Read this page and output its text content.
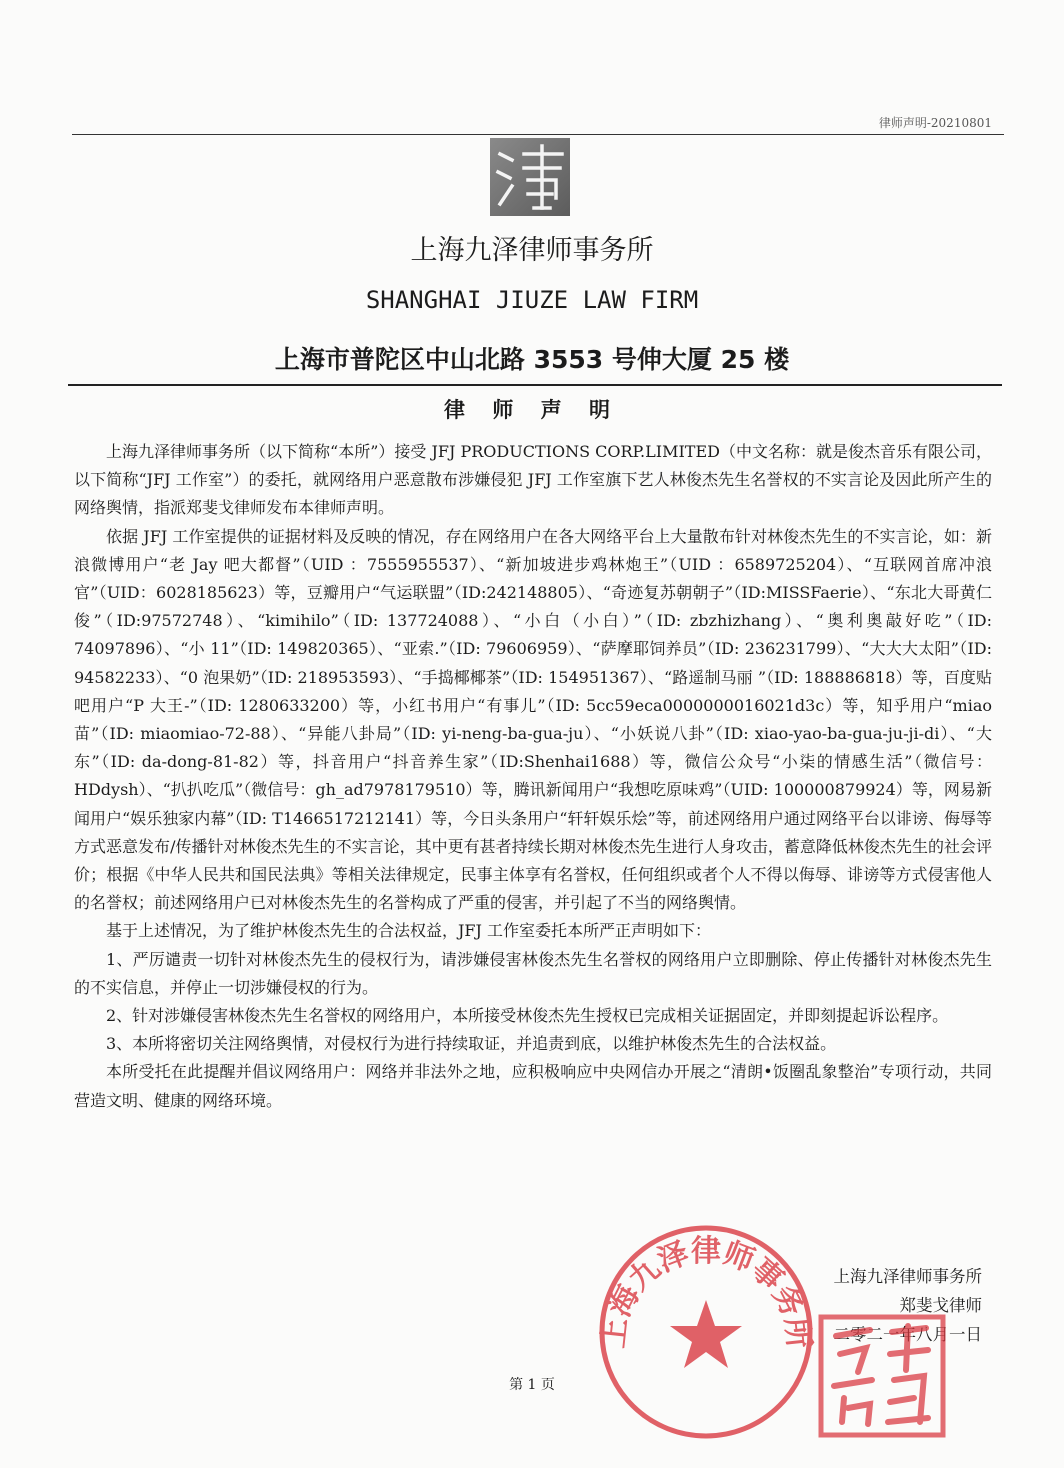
律师声明-20210801
上海九泽律师事务所
SHANGHAI JIUZE LAW FIRM
上海市普陀区中山北路 3553 号伸大厦 25 楼
律 师 声 明

上海九泽律师事务所（以下简称“本所”）接受 JFJ PRODUCTIONS CORP.LIMITED（中文名称：就是俊杰音乐有限公司，以下简称“JFJ 工作室”）的委托，就网络用户恶意散布涉嫌侵犯 JFJ 工作室旗下艺人林俊杰先生名誉权的不实言论及因此所产生的网络舆情，指派郑斐戈律师发布本律师声明。

依据 JFJ 工作室提供的证据材料及反映的情况，存在网络用户在各大网络平台上大量散布针对林俊杰先生的不实言论，如：新浪微博用户“老 Jay 吧大都督”（UID ：7555955537）、“新加坡进步鸡林炮王”（UID ：6589725204）、“互联网首席冲浪官”（UID：6028185623）等，豆瓣用户“气运联盟”（ID:242148805）、“奇迹复苏朝朝子”（ID:MISSFaerie）、“东北大哥黄仁俊”（ID:97572748）、“kimihilo”（ID: 137724088）、“小白（小白）”（ID: zbzhizhang）、“奥利奥敲好吃”（ID: 74097896）、“小 11”（ID: 149820365）、“亚索.”（ID: 79606959）、“萨摩耶饲养员”（ID: 236231799）、“大大大太阳”（ID: 94582233）、“0 泡果奶”（ID: 218953593）、“手捣椰椰茶”（ID: 154951367）、“路遥制马丽 ”（ID: 188886818）等，百度贴吧用户“P 大王-”（ID: 1280633200）等，小红书用户“有事儿”（ID: 5cc59eca0000000016021d3c）等，知乎用户“miao 苗”（ID: miaomiao-72-88）、“异能八卦局”（ID: yi-neng-ba-gua-ju）、“小妖说八卦”（ID: xiao-yao-ba-gua-ju-ji-di）、“大东”（ID: da-dong-81-82）等，抖音用户“抖音养生家”（ID:Shenhai1688）等，微信公众号“小柒的情感生活”（微信号：HDdysh）、“扒扒吃瓜”（微信号：gh_ad7978179510）等，腾讯新闻用户“我想吃原味鸡”（UID: 100000879924）等，网易新闻用户“娱乐独家内幕”（ID: T1466517212141）等，今日头条用户“轩轩娱乐烩”等，前述网络用户通过网络平台以诽谤、侮辱等方式恶意发布/传播针对林俊杰先生的不实言论，其中更有甚者持续长期对林俊杰先生进行人身攻击，蓄意降低林俊杰先生的社会评价；根据《中华人民共和国民法典》等相关法律规定，民事主体享有名誉权，任何组织或者个人不得以侮辱、诽谤等方式侵害他人的名誉权；前述网络用户已对林俊杰先生的名誉构成了严重的侵害，并引起了不当的网络舆情。

基于上述情况，为了维护林俊杰先生的合法权益，JFJ 工作室委托本所严正声明如下：

1、严厉谴责一切针对林俊杰先生的侵权行为，请涉嫌侵害林俊杰先生名誉权的网络用户立即删除、停止传播针对林俊杰先生的不实信息，并停止一切涉嫌侵权的行为。

2、针对涉嫌侵害林俊杰先生名誉权的网络用户，本所接受林俊杰先生授权已完成相关证据固定，并即刻提起诉讼程序。

3、本所将密切关注网络舆情，对侵权行为进行持续取证，并追责到底，以维护林俊杰先生的合法权益。

本所受托在此提醒并倡议网络用户：网络并非法外之地，应积极响应中央网信办开展之“清朗•饭圈乱象整治”专项行动，共同营造文明、健康的网络环境。

上海九泽律师事务所
郑斐戈律师
二零二一年八月一日
上海九泽律师事务所
第 1 页
